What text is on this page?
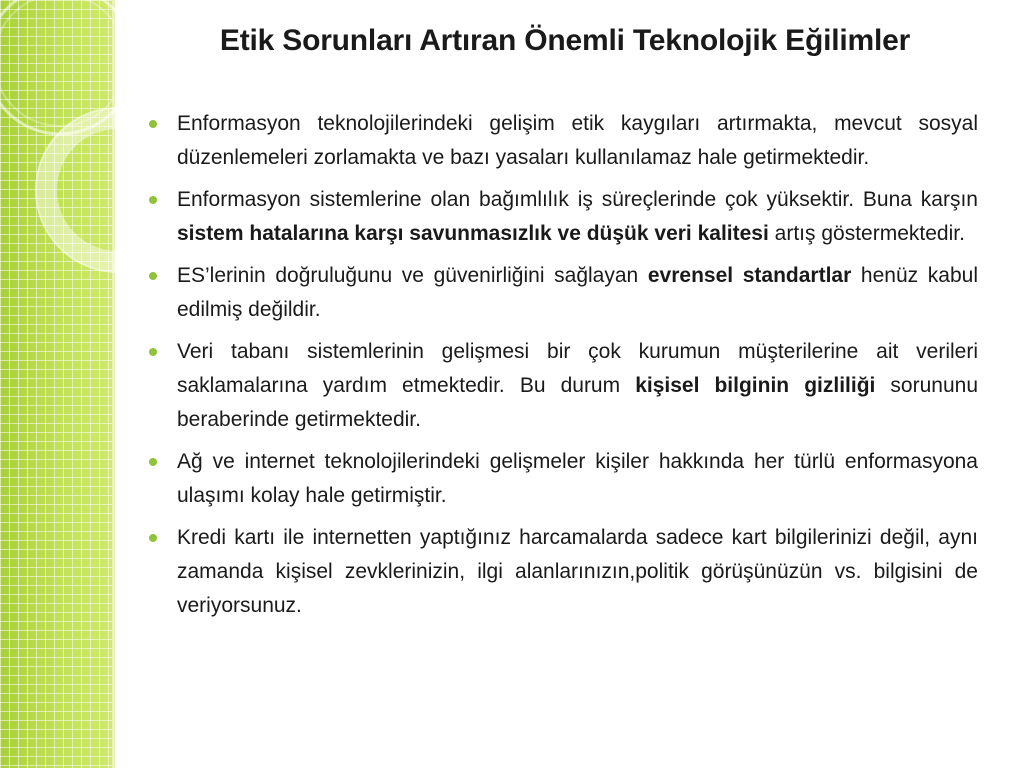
Etik Sorunları Artıran Önemli Teknolojik Eğilimler
Enformasyon teknolojilerindeki gelişim etik kaygıları artırmakta, mevcut sosyal düzenlemeleri zorlamakta ve bazı yasaları kullanılamaz hale getirmektedir.
Enformasyon sistemlerine olan bağımlılık iş süreçlerinde çok yüksektir. Buna karşın sistem hatalarına karşı savunmasızlık ve düşük veri kalitesi artış göstermektedir.
ES’lerinin doğruluğunu ve güvenirliğini sağlayan evrensel standartlar henüz kabul edilmiş değildir.
Veri tabanı sistemlerinin gelişmesi bir çok kurumun müşterilerine ait verileri saklamalarına yardım etmektedir. Bu durum kişisel bilginin gizliliği sorununu beraberinde getirmektedir.
Ağ ve internet teknolojilerindeki gelişmeler kişiler hakkında her türlü enformasyona ulaşımı kolay hale getirmiştir.
Kredi kartı ile internetten yaptığınız harcamalarda sadece kart bilgilerinizi değil, aynı zamanda kişisel zevklerinizin, ilgi alanlarınızın,politik görüşünüzün vs. bilgisini de veriyorsunuz.
